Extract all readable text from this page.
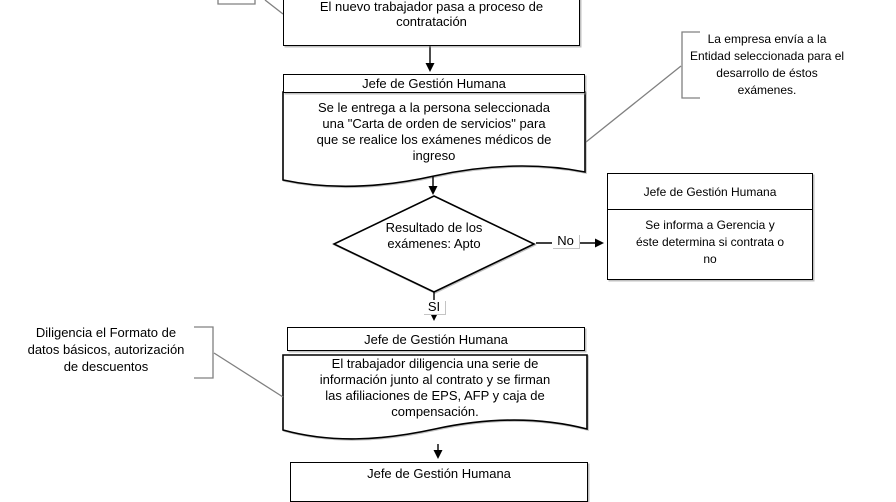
El nuevo trabajador pasa a proceso de
contratación
Jefe de Gestión Humana
Se le entrega a la persona seleccionada
una "Carta de orden de servicios" para
que se realice los exámenes médicos de
ingreso
La empresa envía a la
Entidad seleccionada para el
desarrollo de éstos
exámenes.
Resultado de los
exámenes: Apto	No
SI
Jefe de Gestión Humana
Se informa a Gerencia y
éste determina si contrata o
no
Diligencia el Formato de
datos básicos, autorización
de descuentos
Jefe de Gestión Humana
El trabajador diligencia una serie de
información junto al contrato y se firman
las afiliaciones de EPS, AFP y caja de
compensación.
Jefe de Gestión Humana
